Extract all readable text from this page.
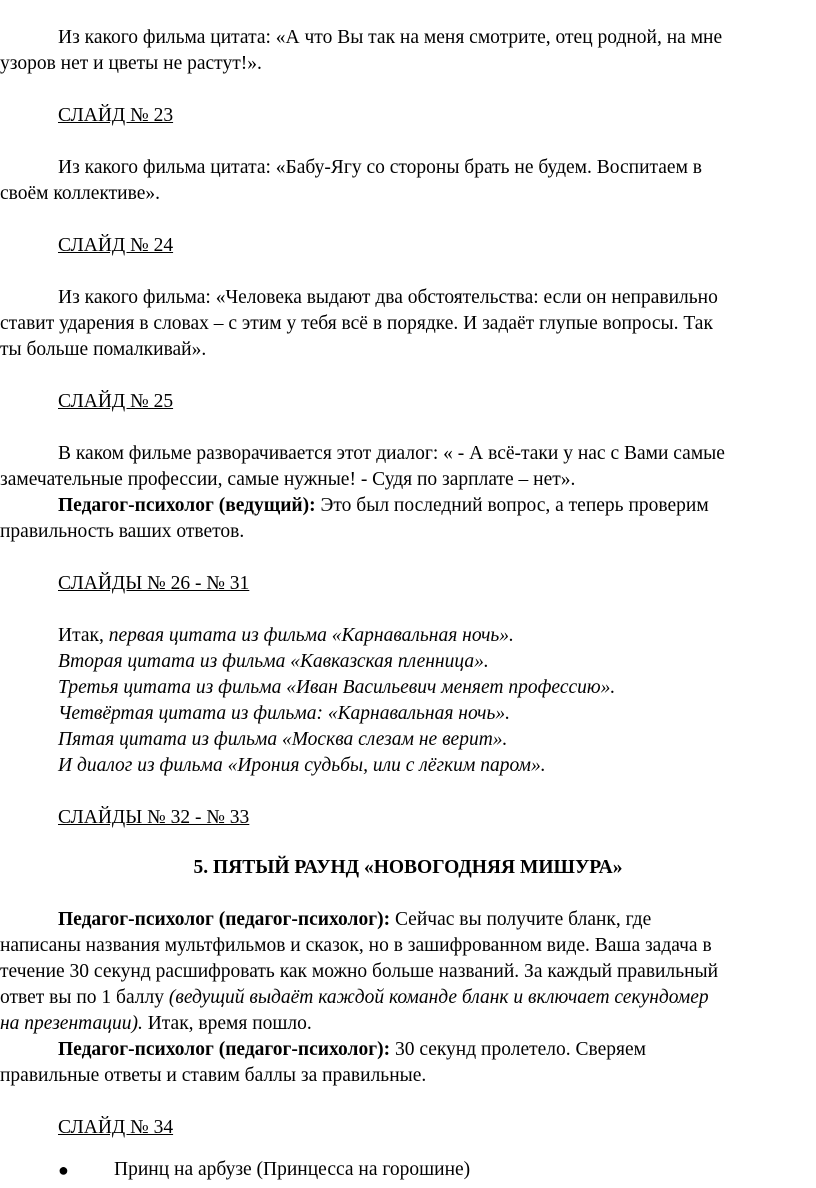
Из какого фильма цитата: «А что Вы так на меня смотрите, отец родной, на мне
узоров нет и цветы не растут!».
СЛАЙД № 23
Из какого фильма цитата: «Бабу-Ягу со стороны брать не будем. Воспитаем в
своём коллективе».
СЛАЙД № 24
Из какого фильма: «Человека выдают два обстоятельства: если он неправильно
ставит ударения в словах – с этим у тебя всё в порядке. И задаёт глупые вопросы. Так
ты больше помалкивай».
СЛАЙД № 25
В каком фильме разворачивается этот диалог: « - А всё-таки у нас с Вами самые
замечательные профессии, самые нужные! - Судя по зарплате – нет».
Педагог-психолог (ведущий): Это был последний вопрос, а теперь проверим
правильность ваших ответов.
СЛАЙДЫ № 26 - № 31
Итак, первая цитата из фильма «Карнавальная ночь».
Вторая цитата из фильма «Кавказская пленница».
Третья цитата из фильма «Иван Васильевич меняет профессию».
Четвёртая цитата из фильма: «Карнавальная ночь».
Пятая цитата из фильма «Москва слезам не верит».
И диалог из фильма «Ирония судьбы, или с лёгким паром».
СЛАЙДЫ № 32 - № 33
5. ПЯТЫЙ РАУНД «НОВОГОДНЯЯ МИШУРА»
Педагог-психолог (педагог-психолог): Сейчас вы получите бланк, где
написаны названия мультфильмов и сказок, но в зашифрованном виде. Ваша задача в
течение 30 секунд расшифровать как можно больше названий. За каждый правильный
ответ вы по 1 баллу (ведущий выдаёт каждой команде бланк и включает секундомер
на презентации). Итак, время пошло.
Педагог-психолог (педагог-психолог): 30 секунд пролетело. Сверяем
правильные ответы и ставим баллы за правильные.
СЛАЙД № 34
● Принц на арбузе (Принцесса на горошине)
